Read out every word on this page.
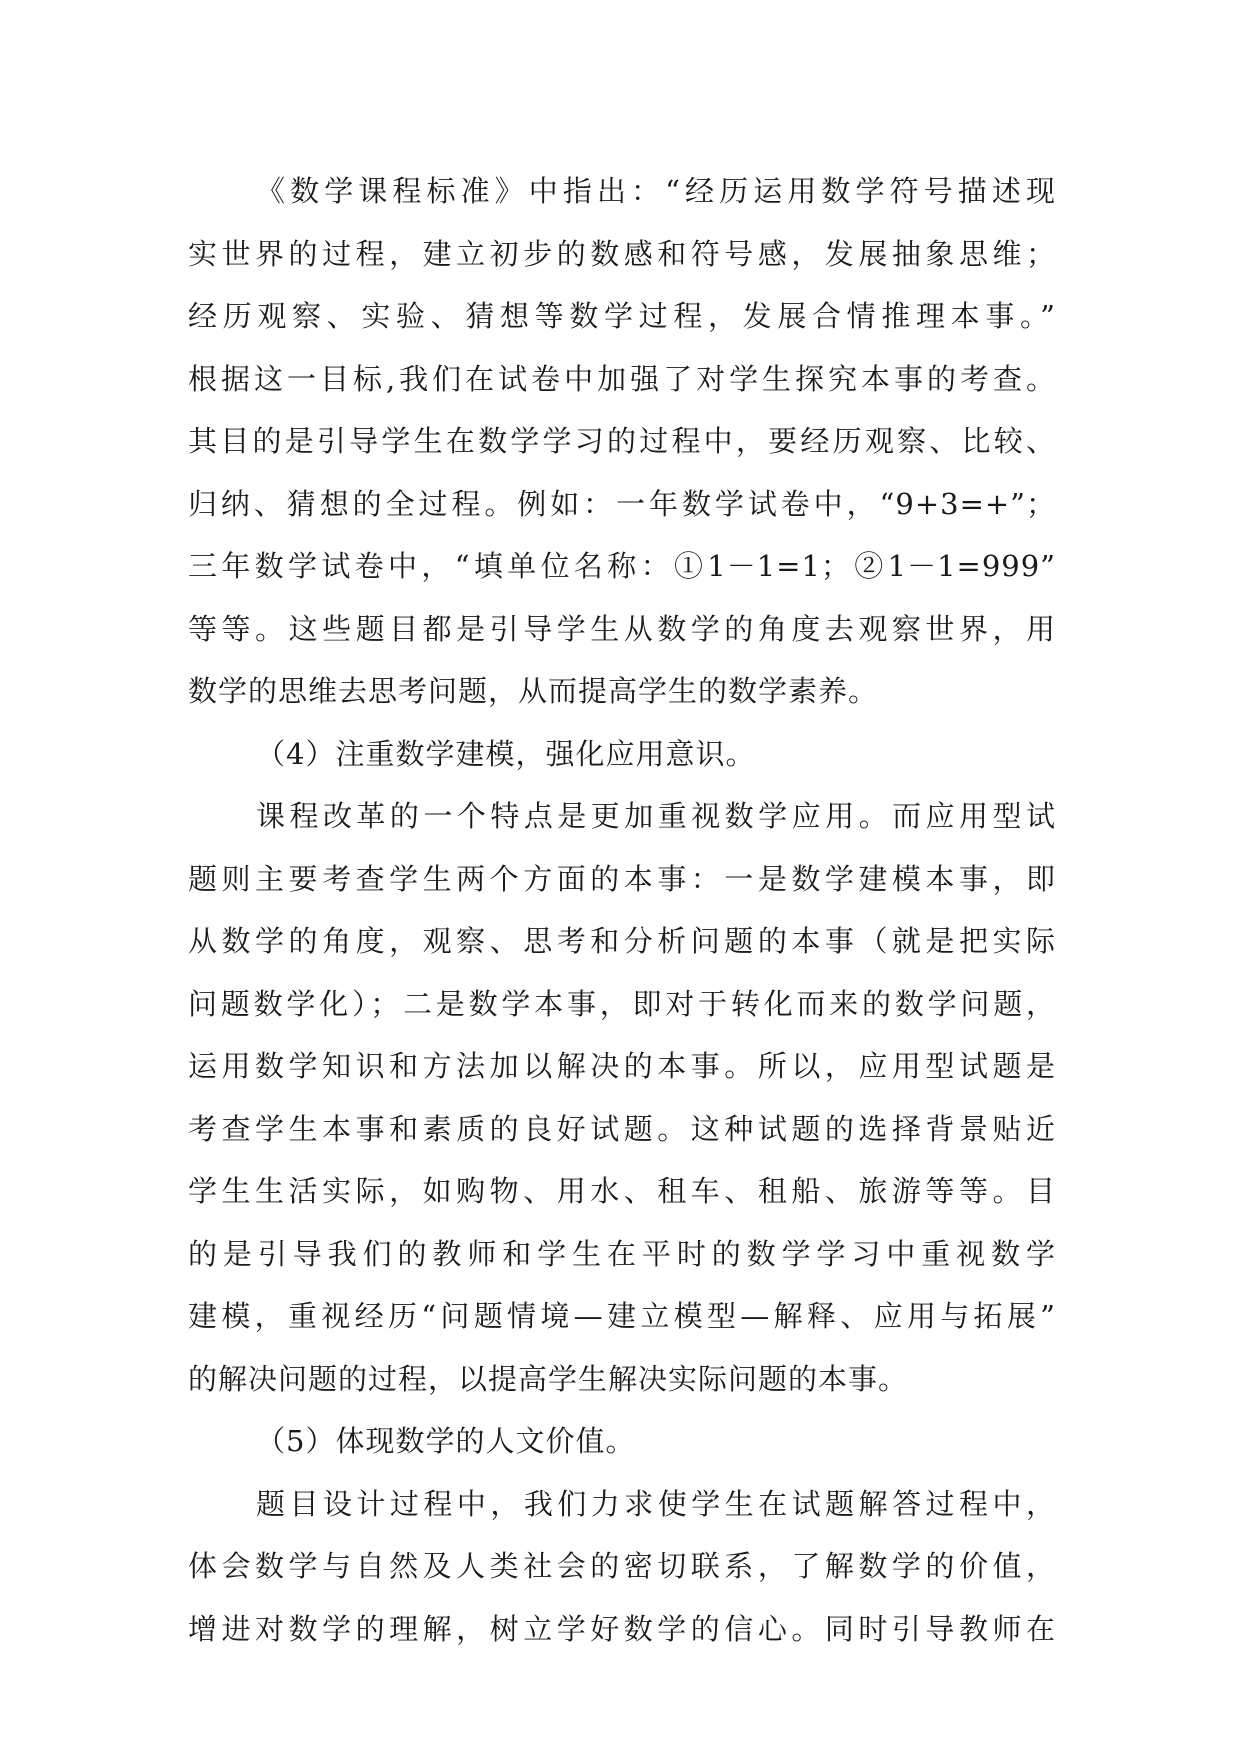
《数学课程标准》中指出：“经历运用数学符号描述现
实世界的过程，建立初步的数感和符号感，发展抽象思维；
经历观察、实验、猜想等数学过程，发展合情推理本事。”
根据这一目标,我们在试卷中加强了对学生探究本事的考查。
其目的是引导学生在数学学习的过程中，要经历观察、比较、
归纳、猜想的全过程。例如：一年数学试卷中，“9+3=+”；
三年数学试卷中，“填单位名称：①1－1=1；②1－1=999”
等等。这些题目都是引导学生从数学的角度去观察世界，用
数学的思维去思考问题，从而提高学生的数学素养。
（4）注重数学建模，强化应用意识。
课程改革的一个特点是更加重视数学应用。而应用型试
题则主要考查学生两个方面的本事：一是数学建模本事，即
从数学的角度，观察、思考和分析问题的本事（就是把实际
问题数学化）；二是数学本事，即对于转化而来的数学问题，
运用数学知识和方法加以解决的本事。所以，应用型试题是
考查学生本事和素质的良好试题。这种试题的选择背景贴近
学生生活实际，如购物、用水、租车、租船、旅游等等。目
的是引导我们的教师和学生在平时的数学学习中重视数学
建模，重视经历“问题情境—建立模型—解释、应用与拓展”
的解决问题的过程，以提高学生解决实际问题的本事。
（5）体现数学的人文价值。
题目设计过程中，我们力求使学生在试题解答过程中，
体会数学与自然及人类社会的密切联系，了解数学的价值，
增进对数学的理解，树立学好数学的信心。同时引导教师在
